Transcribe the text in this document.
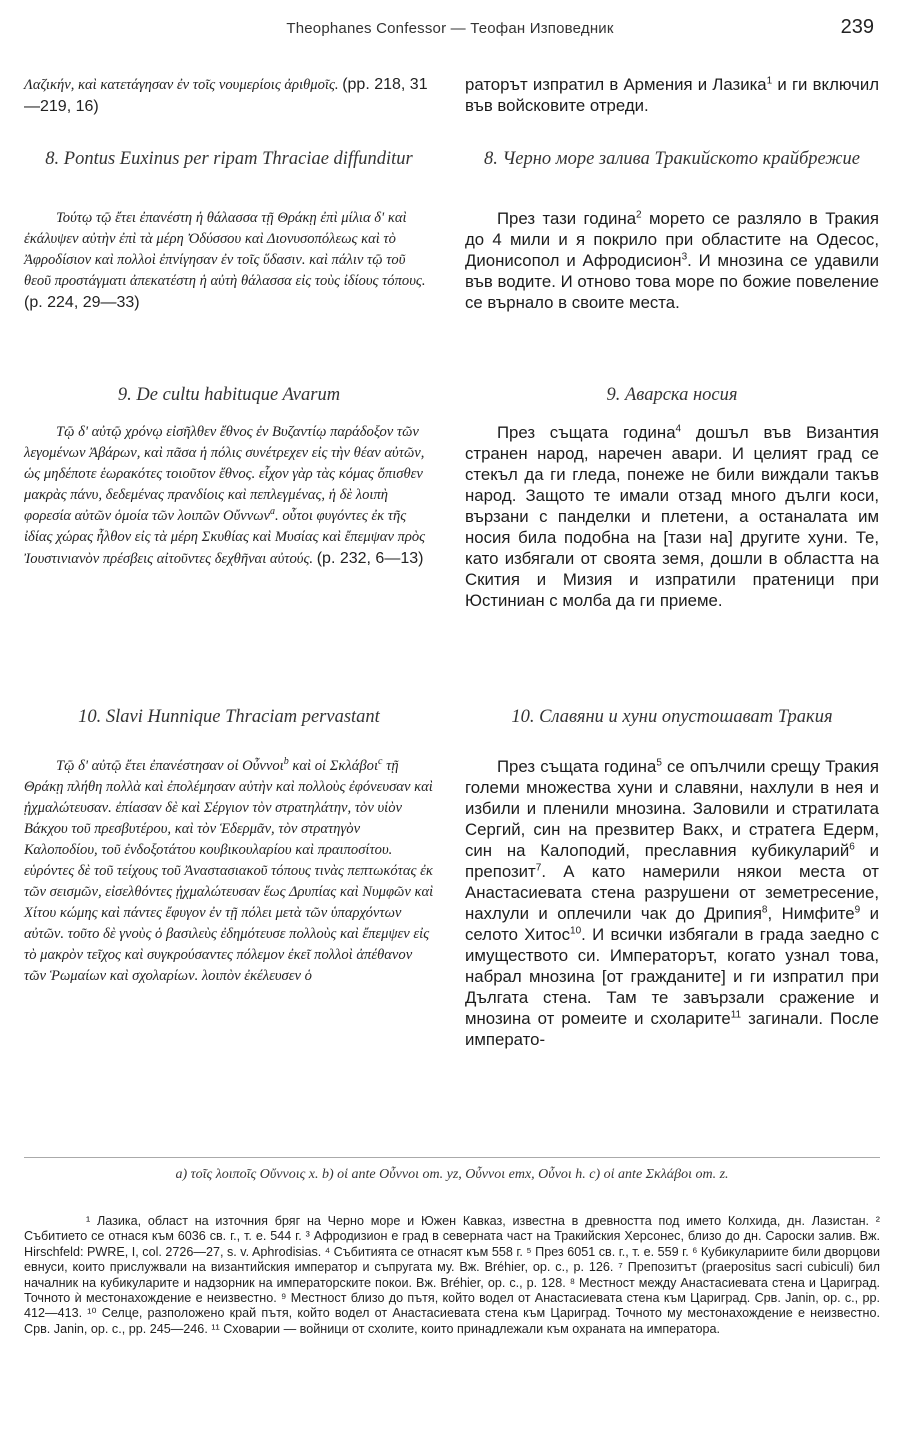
Theophanes Confessor — Теофан Изповедник	239
Λαζικήν, καὶ κατετάγησαν ἐν τοῖς νουμερίοις ἀριθμοῖς. (pp. 218, 31—219, 16)
8. Pontus Euxinus per ripam Thraciae diffunditur

Τούτῳ τῷ ἔτει ἐπανέστη ἡ θάλασσα τῇ Θράκῃ ἐπὶ μίλια δ' καὶ ἐκάλυψεν αὐτὴν ἐπὶ τὰ μέρη Ὀδύσσου καὶ Διονυσοπόλεως καὶ τὸ Ἀφροδίσιον καὶ πολλοὶ ἐπνίγησαν ἐν τοῖς ὕδασιν. καὶ πάλιν τῷ τοῦ θεοῦ προστάγματι ἀπεκατέστη ἡ αὐτὴ θάλασσα εἰς τοὺς ἰδίους τόπους. (p. 224, 29—33)

9. De cultu habituque Avarum

Τῷ δ' αὐτῷ χρόνῳ εἰσῆλθεν ἔθνος ἐν Βυζαντίῳ παράδοξον τῶν λεγομένων Ἀβάρων, καὶ πᾶσα ἡ πόλις συνέτρεχεν εἰς τὴν θέαν αὐτῶν, ὡς μηδέποτε ἑωρακότες τοιοῦτον ἔθνος. εἶχον γὰρ τὰς κόμας ὄπισθεν μακρὰς πάνυ, δεδεμένας πρανδίοις καὶ πεπλεγμένας, ἡ δὲ λοιπὴ φορεσία αὐτῶν ὁμοία τῶν λοιπῶν Οὔννων$^a$. οὗτοι φυγόντες ἐκ τῆς ἰδίας χώρας ἦλθον εἰς τὰ μέρη Σκυθίας καὶ Μυσίας καὶ ἔπεμψαν πρὸς Ἰουστινιανὸν πρέσβεις αἰτοῦντες δεχθῆναι αὐτούς. (p. 232, 6—13)

10. Slavi Hunnique Thraciam pervastant

Τῷ δ' αὐτῷ ἔτει ἐπανέστησαν οἱ Οὖννοι$^b$ καὶ οἱ Σκλάβοι$^c$ τῇ Θράκῃ πλήθη πολλὰ καὶ ἐπολέμησαν αὐτὴν καὶ πολλοὺς ἐφόνευσαν καὶ ᾐχμαλώτευσαν. ἐπίασαν δὲ καὶ Σέργιον τὸν στρατηλάτην, τὸν υἱὸν Βάκχου τοῦ πρεσβυτέρου, καὶ τὸν Ἑδερμᾶν, τὸν στρατηγὸν Καλοποδίου, τοῦ ἐνδοξοτάτου κουβικουλαρίου καὶ πραιποσίτου. εὑρόντες δὲ τοῦ τείχους τοῦ Ἀναστασιακοῦ τόπους τινὰς πεπτωκότας ἐκ τῶν σεισμῶν, εἰσελθόντες ᾐχμαλώτευσαν ἕως Δρυπίας καὶ Νυμφῶν καὶ Χίτου κώμης καὶ πάντες ἔφυγον ἐν τῇ πόλει μετὰ τῶν ὑπαρχόντων αὐτῶν. τοῦτο δὲ γνοὺς ὁ βασιλεὺς ἐδημότευσε πολλοὺς καὶ ἔπεμψεν εἰς τὸ μακρὸν τεῖχος καὶ συγκρούσαντες πόλεμον ἐκεῖ πολλοὶ ἀπέθανον τῶν Ῥωμαίων καὶ σχολαρίων. λοιπὸν ἐκέλευσεν ὁ

раторът изпратил в Армения и Лазика$^1$ и ги включил във войсковите отреди.

8. Черно море залива Тракийското крайбрежие

През тази година$^2$ морето се разляло в Тракия до 4 мили и я покрило при областите на Одесос, Дионисопол и Афродисион$^3$. И мнозина се удавили във водите. И отново това море по божие повеление се върнало в своите места.

9. Аварска носия

През същата година$^4$ дошъл във Византия странен народ, наречен авари. И целият град се стекъл да ги гледа, понеже не били виждали такъв народ. Защото те имали отзад много дълги коси, вързани с панделки и плетени, а останалата им носия била подобна на [тази на] другите хуни. Те, като избягали от своята земя, дошли в областта на Скития и Мизия и изпратили пратеници при Юстиниан с молба да ги приеме.

10. Славяни и хуни опустошават Тракия

През същата година$^5$ се опълчили срещу Тракия големи множества хуни и славяни, нахлули в нея и избили и пленили мнозина. Заловили и стратилата Сергий, син на презвитер Вакх, и стратега Едерм, син на Калоподий, преславния кубикуларий$^6$ и препозит$^7$. А като намерили някои места от Анастасиевата стена разрушени от земетресение, нахлули и оплечили чак до Дрипия$^8$, Нимфите$^9$ и селото Хитос$^{10}$. И всички избягали в града заедно с имуществото си. Императорът, когато узнал това, набрал мнозина [от гражданите] и ги изпратил при Дългата стена. Там те завързали сражение и мнозина от ромеите и схоларите$^{11}$ загинали. После императо-

a) τοῖς λοιποῖς Οὔννοις x. b) οἱ ante Οὖννοι om. yz, Οὖννοι emx, Οὖνοι h. c) οἱ ante Σκλάβοι om. z.

¹ Лазика, област на източния бряг на Черно море и Южен Кавказ, известна в древността под името Колхида, дн. Лазистан. ² Събитието се отнася към 6036 св. г., т. е. 544 г. ³ Афродизион е град в северната част на Тракийския Херсонес, близо до дн. Сароски залив. Вж. Hirschfeld: PWRE, I, col. 2726—27, s. v. Aphrodisias. ⁴ Събитията се отнасят към 558 г. ⁵ През 6051 св. г., т. е. 559 г. ⁶ Кубикулариите били дворцови евнуси, които прислужвали на византийския император и съпругата му. Вж. Bréhier, op. c., p. 126. ⁷ Препозитът (praepositus sacri cubiculi) бил началник на кубикуларите и надзорник на императорските покои. Вж. Bréhier, op. c., p. 128. ⁸ Местност между Анастасиевата стена и Цариград. Точното ѝ местонахождение е неизвестно. ⁹ Местност близо до пътя, който водел от Анастасиевата стена към Цариград. Срв. Janin, op. c., pp. 412—413. ¹⁰ Селце, разположено край пътя, който водел от Анастасиевата стена към Цариград. Точното му местонахождение е неизвестно. Срв. Janin, op. c., pp. 245—246. ¹¹ Сховарии — войници от схолите, които принадлежали към охраната на императора.
